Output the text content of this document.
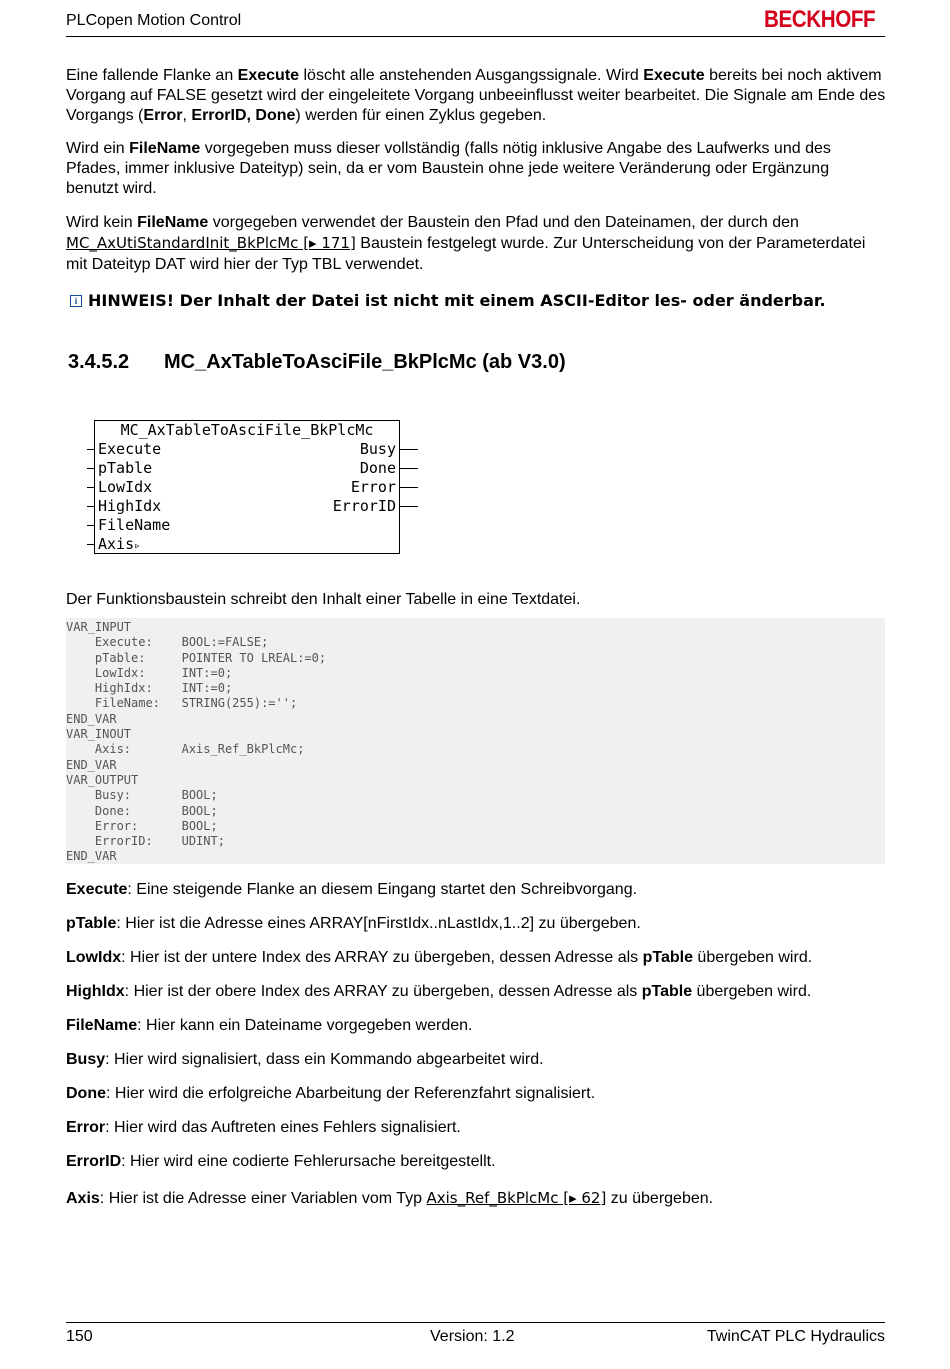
PLCopen Motion Control	BECKHOFF
Eine fallende Flanke an Execute löscht alle anstehenden Ausgangssignale. Wird Execute bereits bei noch aktivem Vorgang auf FALSE gesetzt wird der eingeleitete Vorgang unbeeinflusst weiter bearbeitet. Die Signale am Ende des Vorgangs (Error, ErrorID, Done) werden für einen Zyklus gegeben.
Wird ein FileName vorgegeben muss dieser vollständig (falls nötig inklusive Angabe des Laufwerks und des Pfades, immer inklusive Dateityp) sein, da er vom Baustein ohne jede weitere Veränderung oder Ergänzung benutzt wird.
Wird kein FileName vorgegeben verwendet der Baustein den Pfad und den Dateinamen, der durch den MC_AxUtiStandardInit_BkPlcMc [▸ 171] Baustein festgelegt wurde. Zur Unterscheidung von der Parameterdatei mit Dateityp DAT wird hier der Typ TBL verwendet.
i HINWEIS! Der Inhalt der Datei ist nicht mit einem ASCII-Editor les- oder änderbar.
3.4.5.2 MC_AxTableToAsciFile_BkPlcMc (ab V3.0)
MC_AxTableToAsciFile_BkPlcMc
Execute
pTable
LowIdx
HighIdx
FileName
Axis▹
Busy
Done
Error
ErrorID
Der Funktionsbaustein schreibt den Inhalt einer Tabelle in eine Textdatei.
VAR_INPUT
Execute:    BOOL:=FALSE;
pTable:     POINTER TO LREAL:=0;
LowIdx:     INT:=0;
HighIdx:    INT:=0;
FileName:   STRING(255):='';
END_VAR
VAR_INOUT
Axis:       Axis_Ref_BkPlcMc;
END_VAR
VAR_OUTPUT
Busy:       BOOL;
Done:       BOOL;
Error:      BOOL;
ErrorID:    UDINT;
END_VAR
Execute: Eine steigende Flanke an diesem Eingang startet den Schreibvorgang.
pTable: Hier ist die Adresse eines ARRAY[nFirstIdx..nLastIdx,1..2] zu übergeben.
LowIdx: Hier ist der untere Index des ARRAY zu übergeben, dessen Adresse als pTable übergeben wird.
HighIdx: Hier ist der obere Index des ARRAY zu übergeben, dessen Adresse als pTable übergeben wird.
FileName: Hier kann ein Dateiname vorgegeben werden.
Busy: Hier wird signalisiert, dass ein Kommando abgearbeitet wird.
Done: Hier wird die erfolgreiche Abarbeitung der Referenzfahrt signalisiert.
Error: Hier wird das Auftreten eines Fehlers signalisiert.
ErrorID: Hier wird eine codierte Fehlerursache bereitgestellt.
Axis: Hier ist die Adresse einer Variablen vom Typ Axis_Ref_BkPlcMc [▸ 62] zu übergeben.
150	Version: 1.2	TwinCAT PLC Hydraulics
